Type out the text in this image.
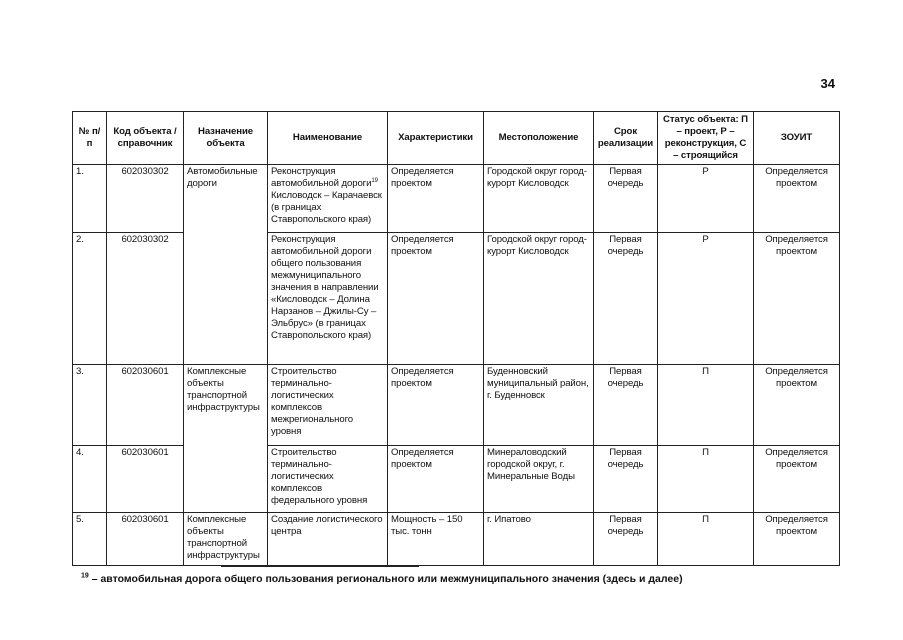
34
№ п/п	Код объекта / справочник	Назначение объекта	Наименование	Характеристики	Местоположение	Срок реализации	Статус объекта: П – проект, Р – реконструкция, С – строящийся	ЗОУИТ
1.	602030302	Автомобильные дороги	Реконструкция автомобильной дороги$^{19}$ Кисловодск – Карачаевск (в границах Ставропольского края)	Определяется проектом	Городской округ город-курорт Кисловодск	Первая очередь	Р	Определяется проектом
2.	602030302		Реконструкция автомобильной дороги общего пользования межмуниципального значения в направлении «Кисловодск – Долина Нарзанов – Джилы-Су – Эльбрус» (в границах Ставропольского края)	Определяется проектом	Городской округ город-курорт Кисловодск	Первая очередь	Р	Определяется проектом
3.	602030601	Комплексные объекты транспортной инфраструктуры	Строительство терминально-логистических комплексов межрегионального уровня	Определяется проектом	Буденновский муниципальный район, г. Буденновск	Первая очередь	П	Определяется проектом
4.	602030601		Строительство терминально-логистических комплексов федерального уровня	Определяется проектом	Минераловодский городской округ, г. Минеральные Воды	Первая очередь	П	Определяется проектом
5.	602030601	Комплексные объекты транспортной инфраструктуры	Создание логистического центра	Мощность – 150 тыс. тонн	г. Ипатово	Первая очередь	П	Определяется проектом
$^{19}$ – автомобильная дорога общего пользования регионального или межмуниципального значения (здесь и далее)
